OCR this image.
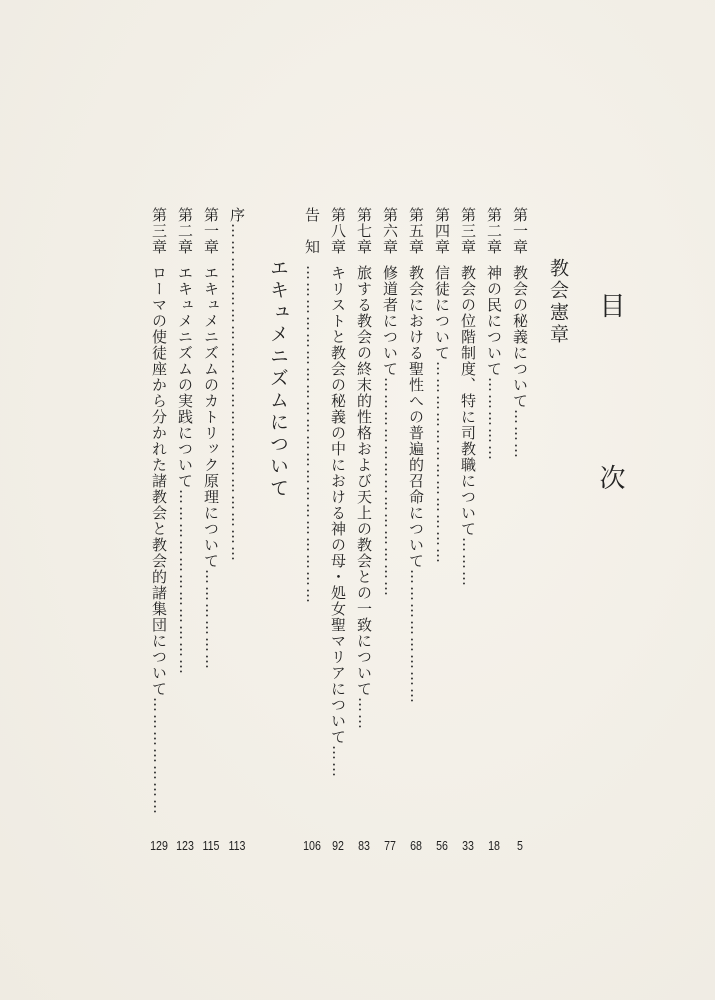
目　次
教会憲章
第一章教会の秘義について………
第二章神の民について……………
第三章教会の位階制度、特に司教職について………
第四章信徒について………………………………
第五章教会における聖性への普遍的召命について……………………
第六章修道者について…………………………………
第七章旅する教会の終末的性格および天上の教会との一致について……
第八章キリストと教会の秘義の中における神の母・処女聖マリアについて……
告　知……………………………………………………
エキュメニズムについて
序……………………………………………………
第一章エキュメニズムのカトリック原理について………………
第二章エキュメニズムの実践について……………………………
第三章ローマの使徒座から分かれた諸教会と教会的諸集団について…………………
5
18
33
56
68
77
83
92
106
113
115
123
129
